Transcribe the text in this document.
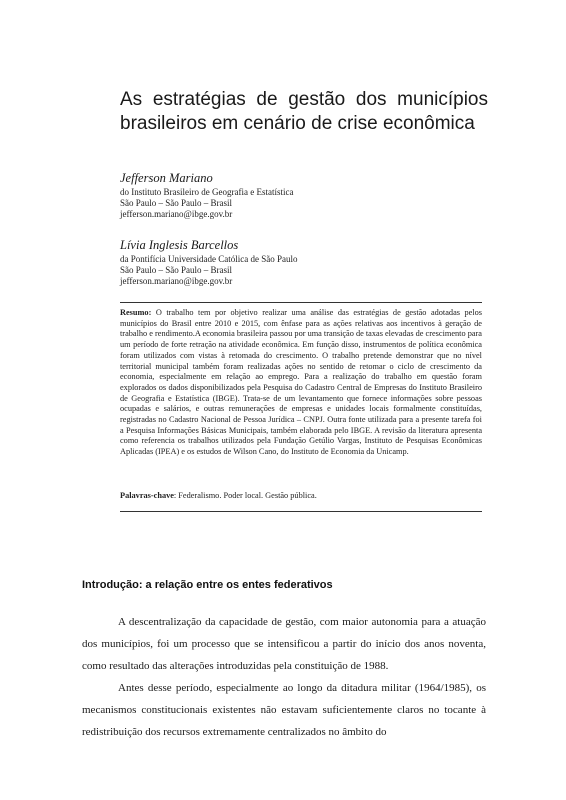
As estratégias de gestão dos municípios brasileiros em cenário de crise econômica
Jefferson Mariano
do Instituto Brasileiro de Geografia e Estatística
São Paulo – São Paulo – Brasil
jefferson.mariano@ibge.gov.br
Lívia Inglesis Barcellos
da Pontifícia Universidade Católica de São Paulo
São Paulo – São Paulo – Brasil
jefferson.mariano@ibge.gov.br

Resumo: O trabalho tem por objetivo realizar uma análise das estratégias de gestão adotadas pelos municípios do Brasil entre 2010 e 2015, com ênfase para as ações relativas aos incentivos à geração de trabalho e rendimento.A economia brasileira passou por uma transição de taxas elevadas de crescimento para um período de forte retração na atividade econômica. Em função disso, instrumentos de política econômica foram utilizados com vistas à retomada do crescimento. O trabalho pretende demonstrar que no nível territorial municipal também foram realizadas ações no sentido de retomar o ciclo de crescimento da economia, especialmente em relação ao emprego. Para a realização do trabalho em questão foram explorados os dados disponibilizados pela Pesquisa do Cadastro Central de Empresas do Instituto Brasileiro de Geografia e Estatística (IBGE). Trata-se de um levantamento que fornece informações sobre pessoas ocupadas e salários, e outras remunerações de empresas e unidades locais formalmente constituídas, registradas no Cadastro Nacional de Pessoa Jurídica – CNPJ. Outra fonte utilizada para a presente tarefa foi a Pesquisa Informações Básicas Municipais, também elaborada pelo IBGE. A revisão da literatura apresenta como referencia os trabalhos utilizados pela Fundação Getúlio Vargas, Instituto de Pesquisas Econômicas Aplicadas (IPEA) e os estudos de Wilson Cano, do Instituto de Economia da Unicamp.

Palavras-chave: Federalismo. Poder local. Gestão pública.

Introdução: a relação entre os entes federativos

A descentralização da capacidade de gestão, com maior autonomia para a atuação dos municípios, foi um processo que se intensificou a partir do início dos anos noventa, como resultado das alterações introduzidas pela constituição de 1988.

Antes desse período, especialmente ao longo da ditadura militar (1964/1985), os mecanismos constitucionais existentes não estavam suficientemente claros no tocante à redistribuição dos recursos extremamente centralizados no âmbito do
